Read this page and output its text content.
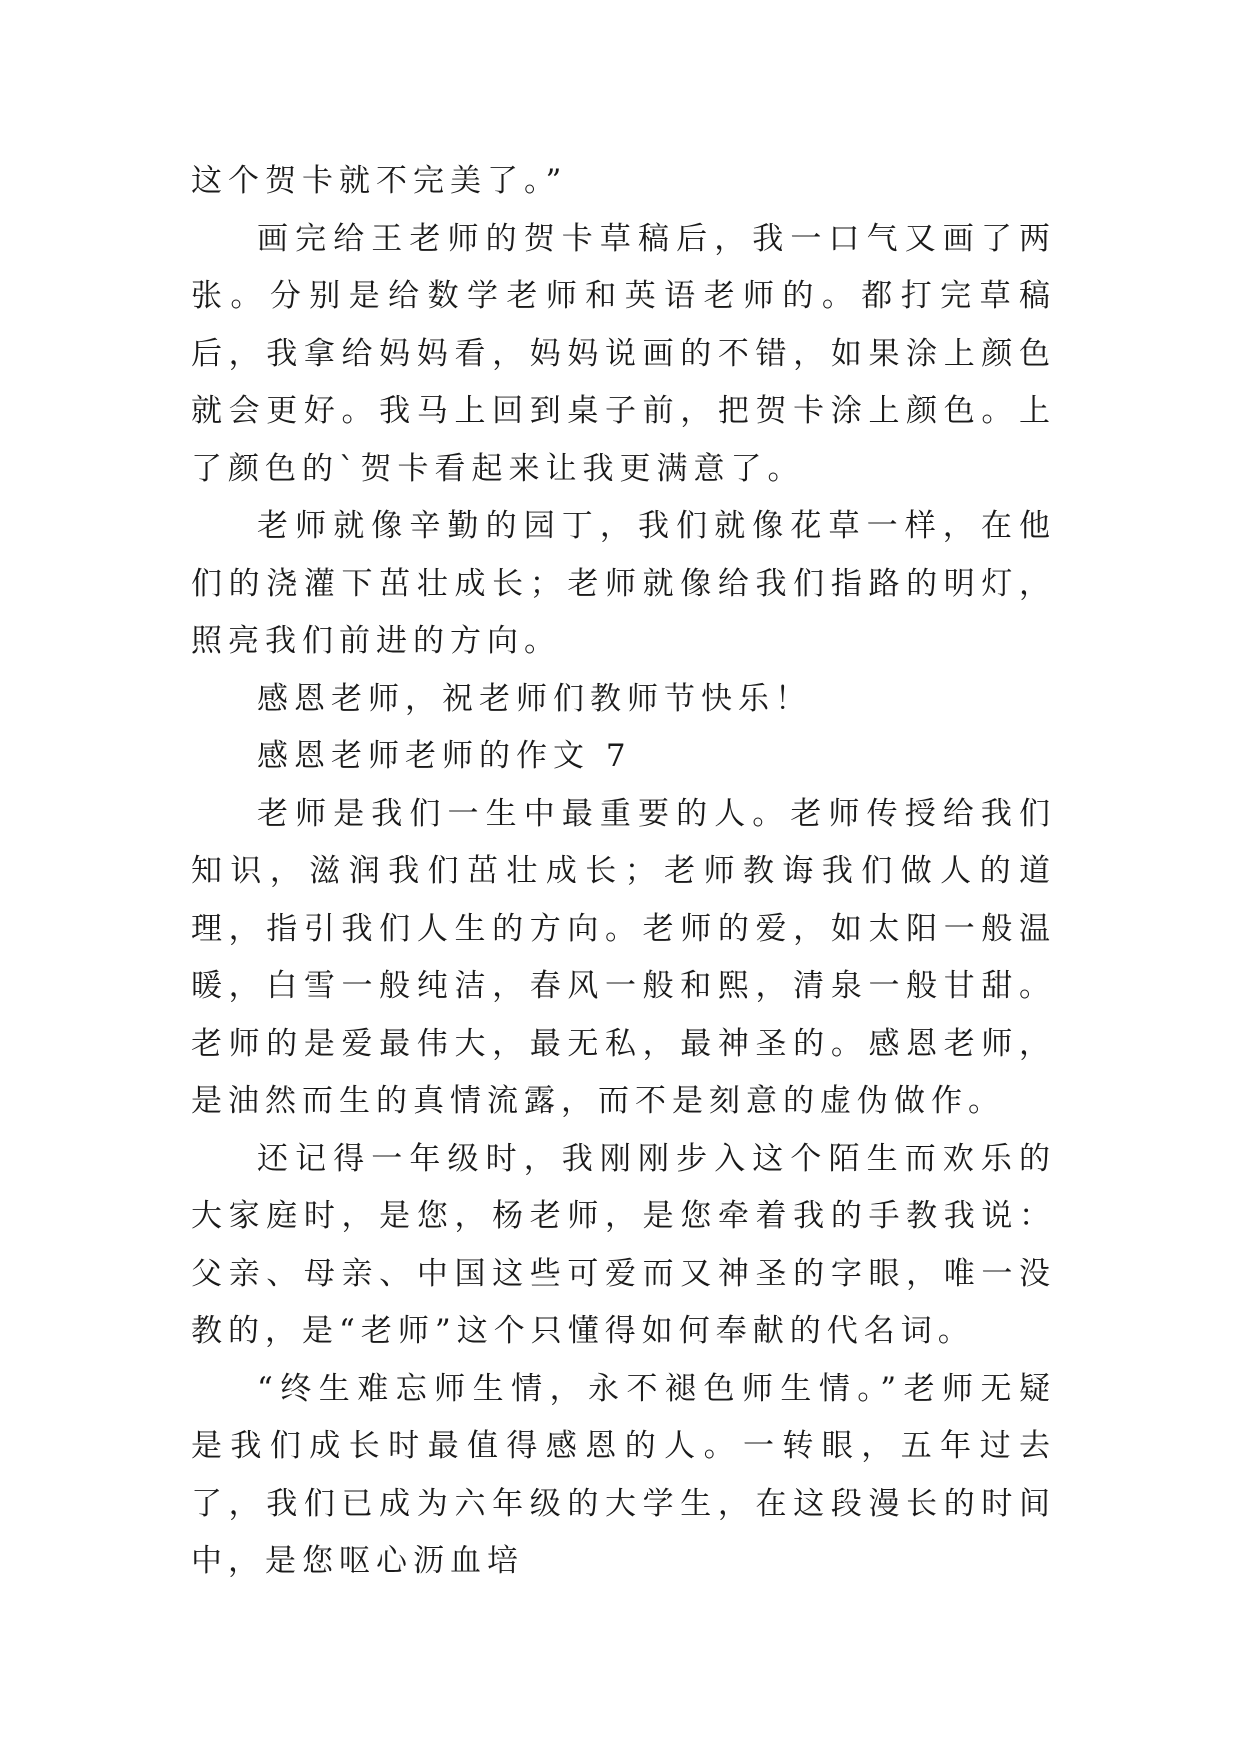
这个贺卡就不完美了。”

画完给王老师的贺卡草稿后，我一口气又画了两张。分别是给数学老师和英语老师的。都打完草稿后，我拿给妈妈看，妈妈说画的不错，如果涂上颜色就会更好。我马上回到桌子前，把贺卡涂上颜色。上了颜色的`贺卡看起来让我更满意了。

老师就像辛勤的园丁，我们就像花草一样，在他们的浇灌下茁壮成长；老师就像给我们指路的明灯，照亮我们前进的方向。

感恩老师，祝老师们教师节快乐！

感恩老师老师的作文 7

老师是我们一生中最重要的人。老师传授给我们知识，滋润我们茁壮成长；老师教诲我们做人的道理，指引我们人生的方向。老师的爱，如太阳一般温暖，白雪一般纯洁，春风一般和熙，清泉一般甘甜。老师的是爱最伟大，最无私，最神圣的。感恩老师，是油然而生的真情流露，而不是刻意的虚伪做作。

还记得一年级时，我刚刚步入这个陌生而欢乐的大家庭时，是您，杨老师，是您牵着我的手教我说：父亲、母亲、中国这些可爱而又神圣的字眼，唯一没教的，是“老师”这个只懂得如何奉献的代名词。

“终生难忘师生情，永不褪色师生情。”老师无疑是我们成长时最值得感恩的人。一转眼，五年过去了，我们已成为六年级的大学生，在这段漫长的时间中，是您呕心沥血培
